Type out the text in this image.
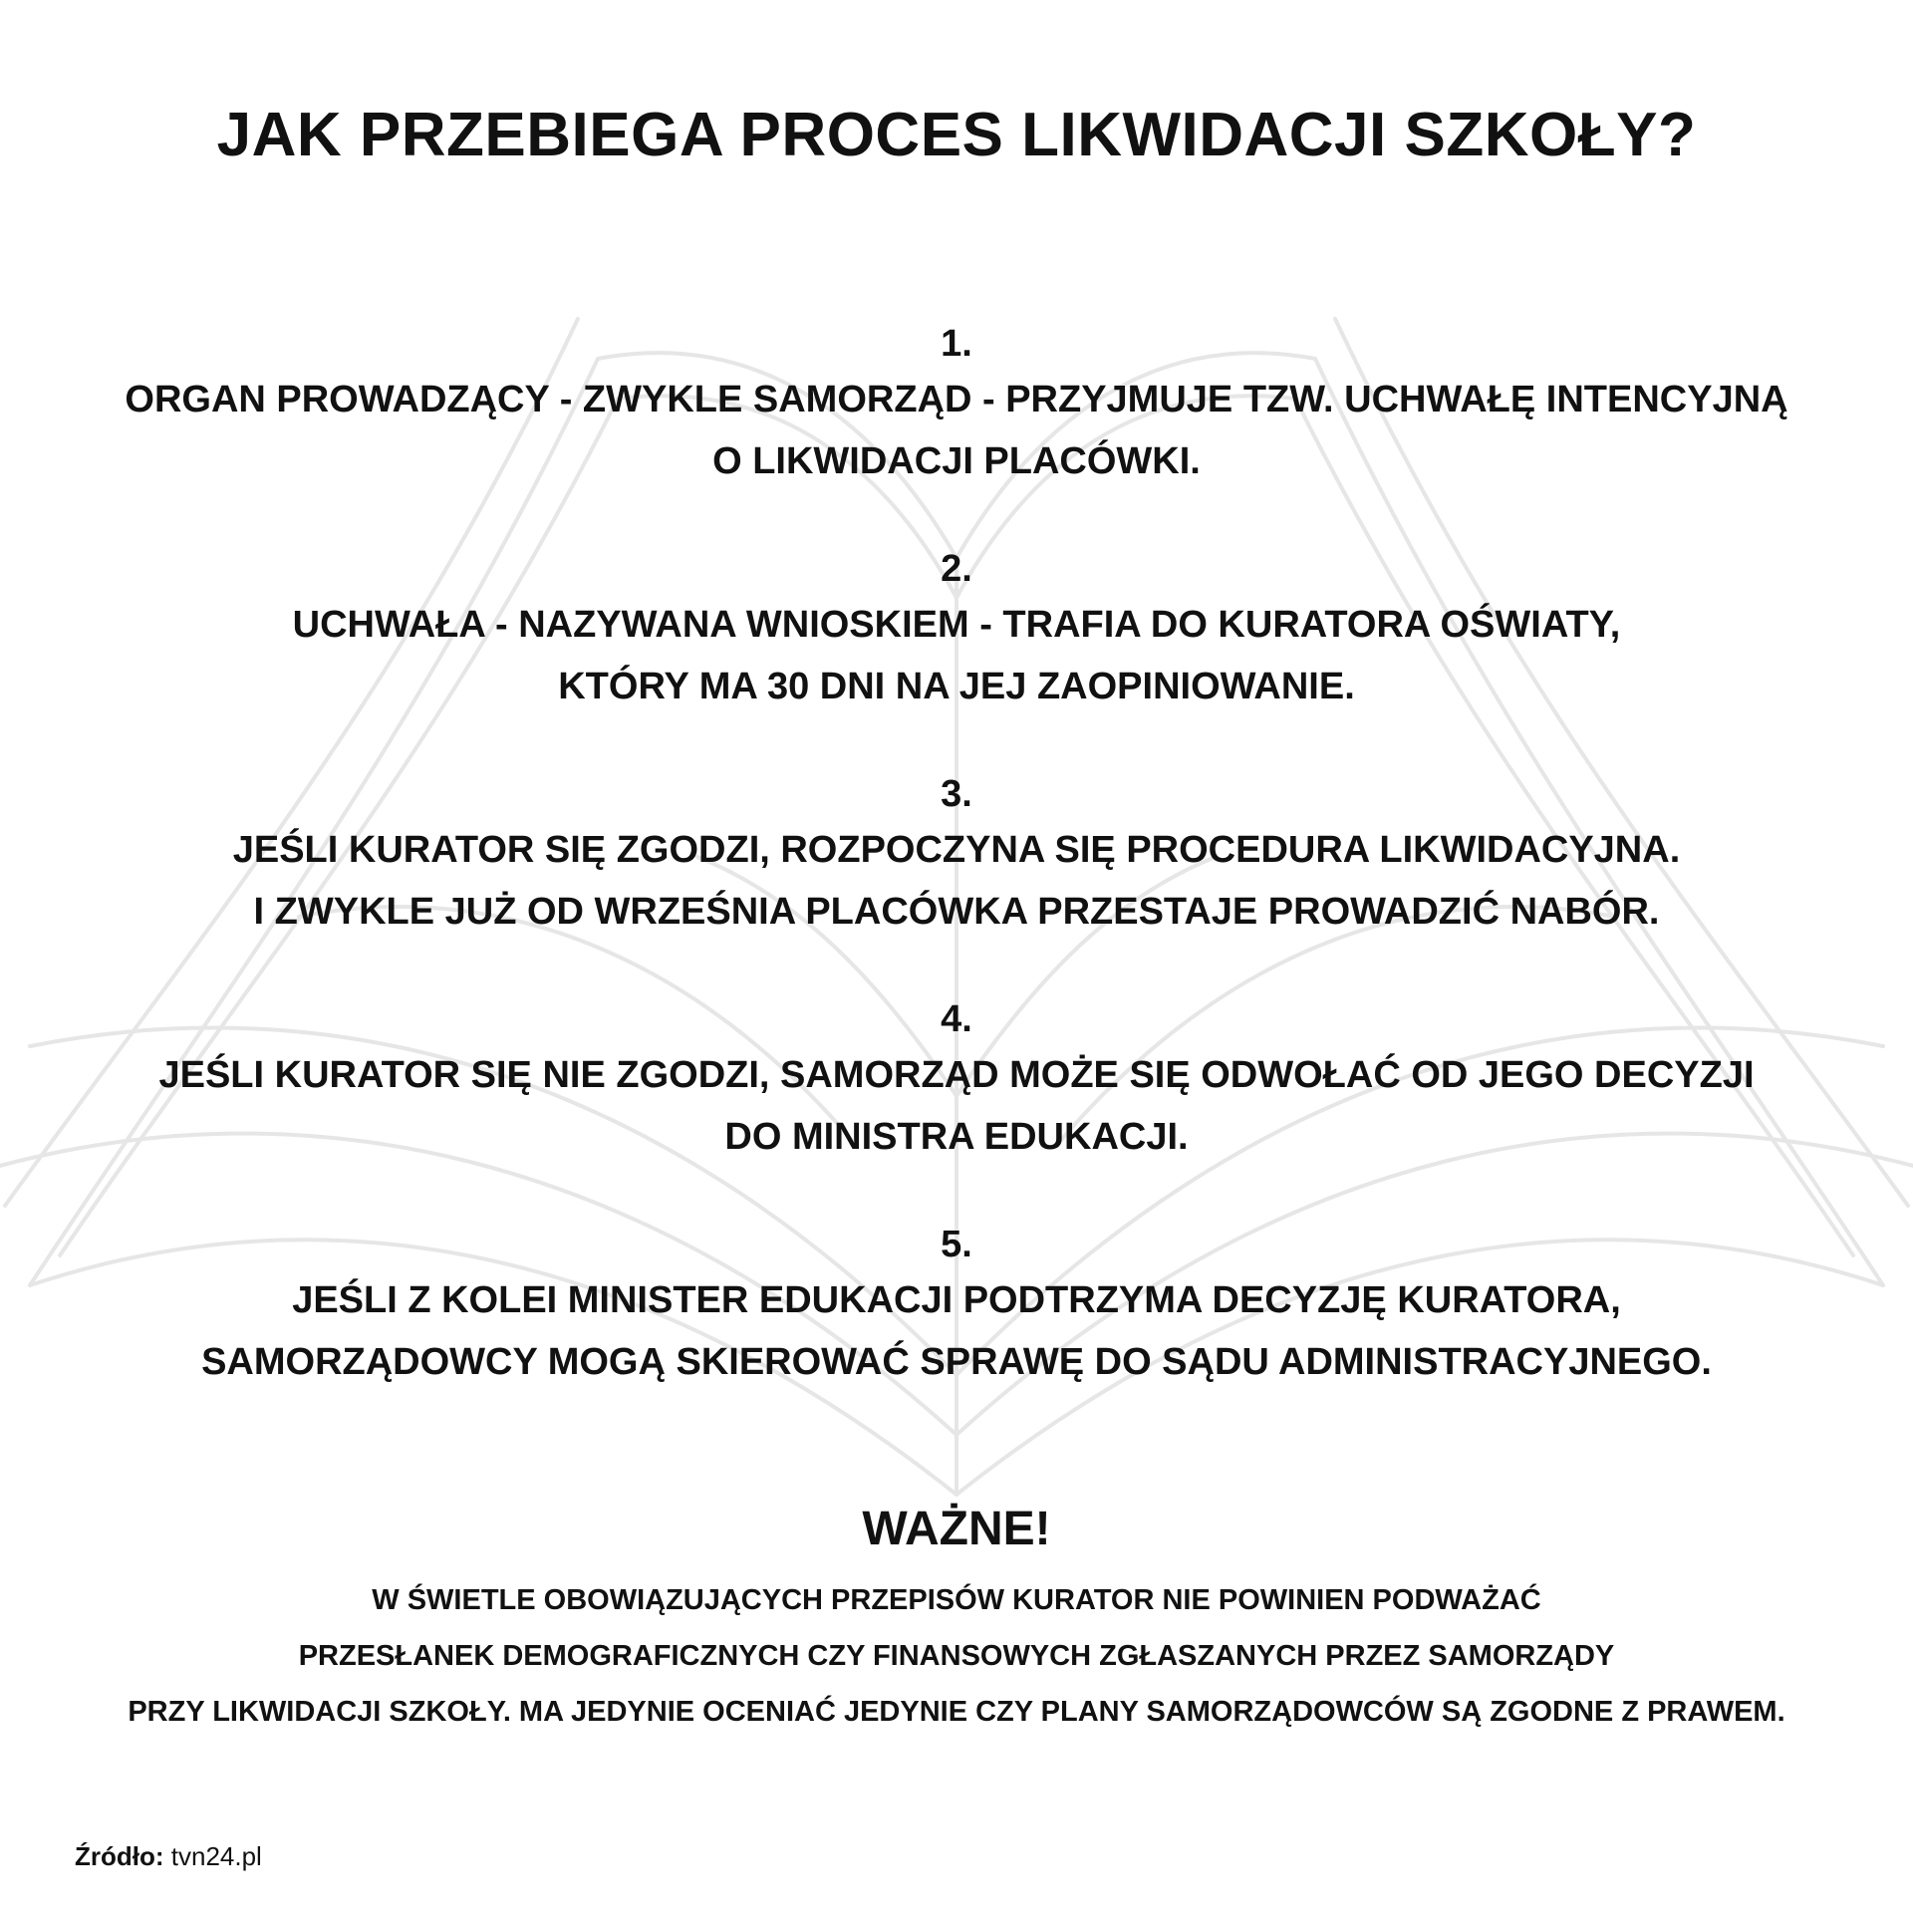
JAK PRZEBIEGA PROCES LIKWIDACJI SZKOŁY?
1.
ORGAN PROWADZĄCY - ZWYKLE SAMORZĄD - PRZYJMUJE TZW. UCHWAŁĘ INTENCYJNĄ
O LIKWIDACJI PLACÓWKI.
2.
UCHWAŁA - NAZYWANA WNIOSKIEM - TRAFIA DO KURATORA OŚWIATY,
KTÓRY MA 30 DNI NA JEJ ZAOPINIOWANIE.
3.
JEŚLI KURATOR SIĘ ZGODZI, ROZPOCZYNA SIĘ PROCEDURA LIKWIDACYJNA.
I ZWYKLE JUŻ OD WRZEŚNIA PLACÓWKA PRZESTAJE PROWADZIĆ NABÓR.
4.
JEŚLI KURATOR SIĘ NIE ZGODZI, SAMORZĄD MOŻE SIĘ ODWOŁAĆ OD JEGO DECYZJI
DO MINISTRA EDUKACJI.
5.
JEŚLI Z KOLEI MINISTER EDUKACJI PODTRZYMA DECYZJĘ KURATORA,
SAMORZĄDOWCY MOGĄ SKIEROWAĆ SPRAWĘ DO SĄDU ADMINISTRACYJNEGO.
WAŻNE!
W ŚWIETLE OBOWIĄZUJĄCYCH PRZEPISÓW KURATOR NIE POWINIEN PODWAŻAĆ
PRZESŁANEK DEMOGRAFICZNYCH CZY FINANSOWYCH ZGŁASZANYCH PRZEZ SAMORZĄDY
PRZY LIKWIDACJI SZKOŁY. MA JEDYNIE OCENIAĆ JEDYNIE CZY PLANY SAMORZĄDOWCÓW SĄ ZGODNE Z PRAWEM.
Źródło: tvn24.pl
